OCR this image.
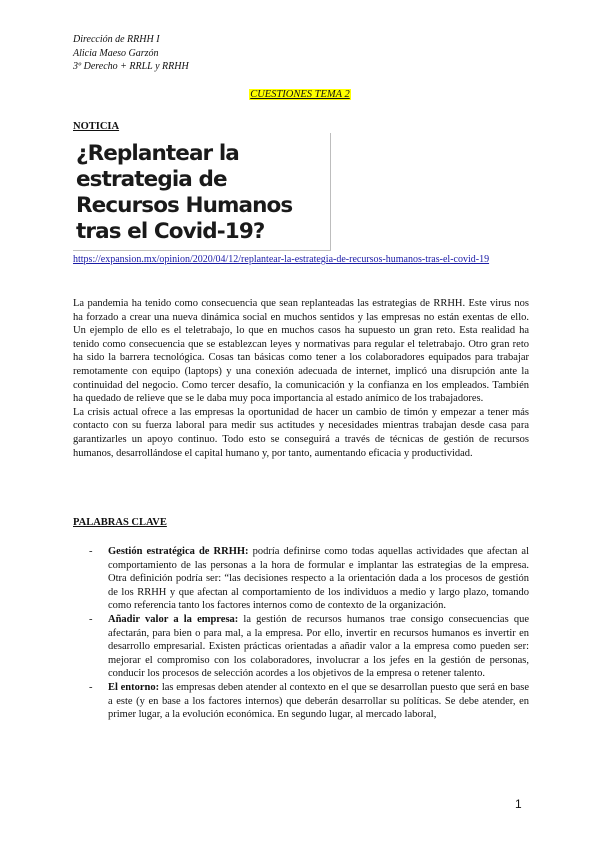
Dirección de RRHH I
Alicia Maeso Garzón
3º Derecho + RRLL y RRHH
CUESTIONES TEMA 2
NOTICIA
¿Replantear la estrategia de Recursos Humanos tras el Covid-19?
https://expansion.mx/opinion/2020/04/12/replantear-la-estrategia-de-recursos-humanos-tras-el-covid-19

La pandemia ha tenido como consecuencia que sean replanteadas las estrategias de RRHH. Este virus nos ha forzado a crear una nueva dinámica social en muchos sentidos y las empresas no están exentas de ello. Un ejemplo de ello es el teletrabajo, lo que en muchos casos ha supuesto un gran reto. Esta realidad ha tenido como consecuencia que se establezcan leyes y normativas para regular el teletrabajo. Otro gran reto ha sido la barrera tecnológica. Cosas tan básicas como tener a los colaboradores equipados para trabajar remotamente con equipo (laptops) y una conexión adecuada de internet, implicó una disrupción ante la continuidad del negocio. Como tercer desafío, la comunicación y la confianza en los empleados. También ha quedado de relieve que se le daba muy poca importancia al estado anímico de los trabajadores.

La crisis actual ofrece a las empresas la oportunidad de hacer un cambio de timón y empezar a tener más contacto con su fuerza laboral para medir sus actitudes y necesidades mientras trabajan desde casa para garantizarles un apoyo continuo. Todo esto se conseguirá a través de técnicas de gestión de recursos humanos, desarrollándose el capital humano y, por tanto, aumentando eficacia y productividad.

PALABRAS CLAVE
- Gestión estratégica de RRHH: podría definirse como todas aquellas actividades que afectan al comportamiento de las personas a la hora de formular e implantar las estrategias de la empresa. Otra definición podría ser: “las decisiones respecto a la orientación dada a los procesos de gestión de los RRHH y que afectan al comportamiento de los individuos a medio y largo plazo, tomando como referencia tanto los factores internos como de contexto de la organización.
- Añadir valor a la empresa: la gestión de recursos humanos trae consigo consecuencias que afectarán, para bien o para mal, a la empresa. Por ello, invertir en recursos humanos es invertir en desarrollo empresarial. Existen prácticas orientadas a añadir valor a la empresa como pueden ser: mejorar el compromiso con los colaboradores, involucrar a los jefes en la gestión de personas, conducir los procesos de selección acordes a los objetivos de la empresa o retener talento.
- El entorno: las empresas deben atender al contexto en el que se desarrollan puesto que será en base a este (y en base a los factores internos) que deberán desarrollar su políticas. Se debe atender, en primer lugar, a la evolución económica. En segundo lugar, al mercado laboral,
1
